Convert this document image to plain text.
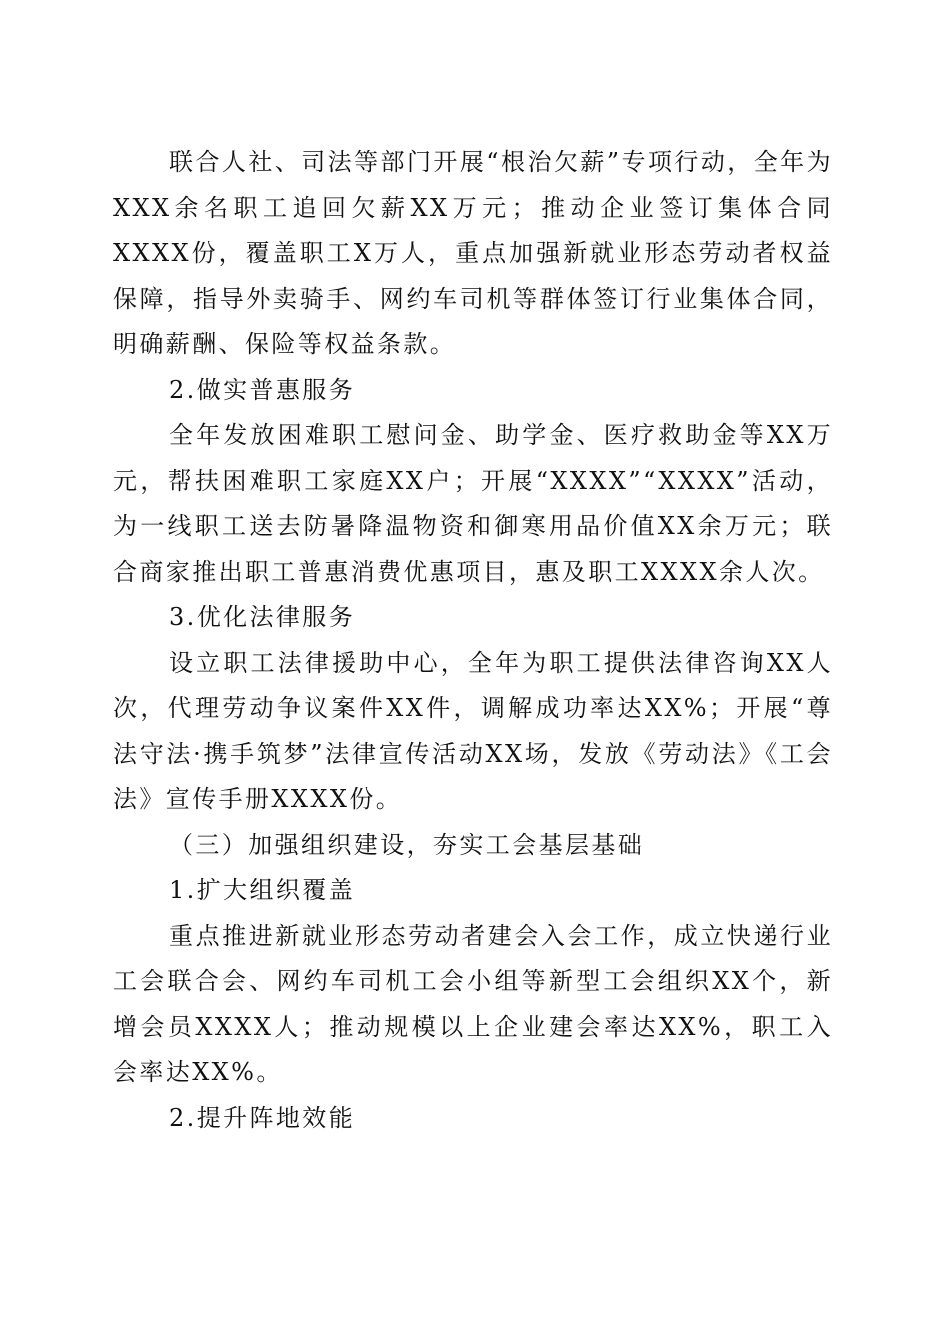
联合人社、司法等部门开展“根治欠薪”专项行动，全年为XXX余名职工追回欠薪XX万元；推动企业签订集体合同XXXX份，覆盖职工X万人，重点加强新就业形态劳动者权益保障，指导外卖骑手、网约车司机等群体签订行业集体合同，明确薪酬、保险等权益条款。

2.做实普惠服务

全年发放困难职工慰问金、助学金、医疗救助金等XX万元，帮扶困难职工家庭XX户；开展“XXXX”“XXXX”活动，为一线职工送去防暑降温物资和御寒用品价值XX余万元；联合商家推出职工普惠消费优惠项目，惠及职工XXXX余人次。

3.优化法律服务

设立职工法律援助中心，全年为职工提供法律咨询XX人次，代理劳动争议案件XX件，调解成功率达XX%；开展“尊法守法·携手筑梦”法律宣传活动XX场，发放《劳动法》《工会法》宣传手册XXXX份。

（三）加强组织建设，夯实工会基层基础

1.扩大组织覆盖

重点推进新就业形态劳动者建会入会工作，成立快递行业工会联合会、网约车司机工会小组等新型工会组织XX个，新增会员XXXX人；推动规模以上企业建会率达XX%，职工入会率达XX%。

2.提升阵地效能
